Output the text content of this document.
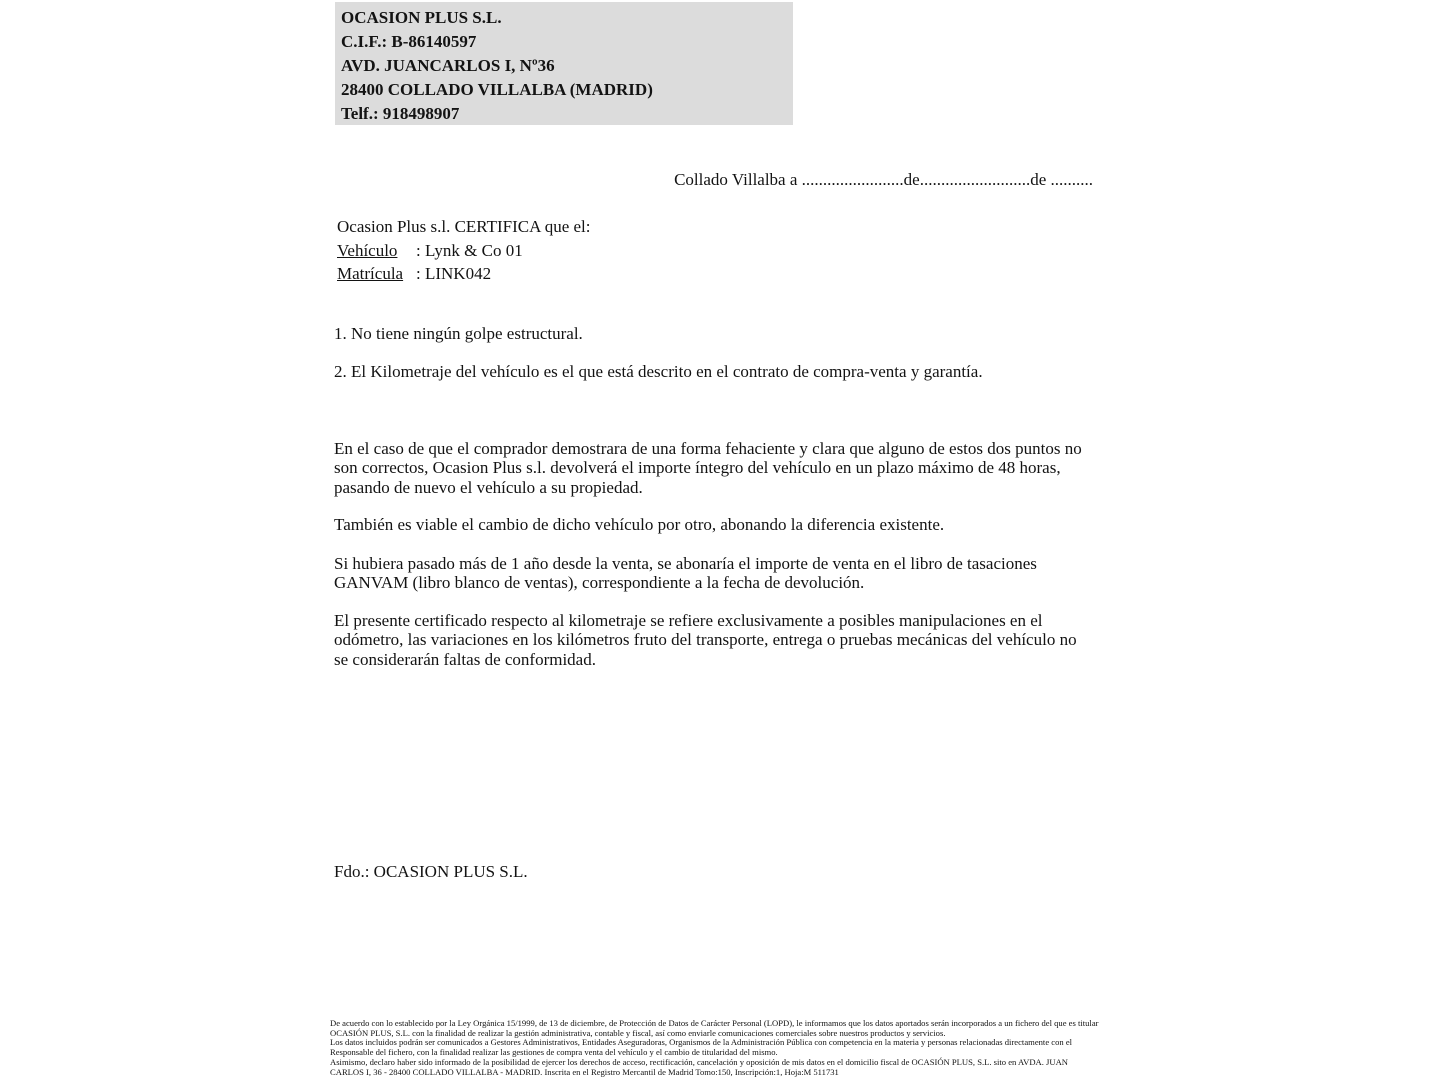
OCASION PLUS S.L.
C.I.F.: B-86140597
AVD. JUANCARLOS I, Nº36
28400 COLLADO VILLALBA (MADRID)
Telf.: 918498907
Collado Villalba a ........................de..........................de ..........
Ocasion Plus s.l. CERTIFICA que el:
Vehículo : Lynk & Co 01
Matrícula : LINK042
1. No tiene ningún golpe estructural.
2. El Kilometraje del vehículo es el que está descrito en el contrato de compra-venta y garantía.
En el caso de que el comprador demostrara de una forma fehaciente y clara que alguno de estos dos puntos no
son correctos, Ocasion Plus s.l. devolverá el importe íntegro del vehículo en un plazo máximo de 48 horas,
pasando de nuevo el vehículo a su propiedad.
También es viable el cambio de dicho vehículo por otro, abonando la diferencia existente.
Si hubiera pasado más de 1 año desde la venta, se abonaría el importe de venta en el libro de tasaciones
GANVAM (libro blanco de ventas), correspondiente a la fecha de devolución.
El presente certificado respecto al kilometraje se refiere exclusivamente a posibles manipulaciones en el
odómetro, las variaciones en los kilómetros fruto del transporte, entrega o pruebas mecánicas del vehículo no
se considerarán faltas de conformidad.
Fdo.: OCASION PLUS S.L.
De acuerdo con lo establecido por la Ley Orgánica 15/1999, de 13 de diciembre, de Protección de Datos de Carácter Personal (LOPD), le informamos que los datos aportados serán incorporados a un fichero del que es titular
OCASIÓN PLUS, S.L. con la finalidad de realizar la gestión administrativa, contable y fiscal, así como enviarle comunicaciones comerciales sobre nuestros productos y servicios.
Los datos incluidos podrán ser comunicados a Gestores Administrativos, Entidades Aseguradoras, Organismos de la Administración Pública con competencia en la materia y personas relacionadas directamente con el
Responsable del fichero, con la finalidad realizar las gestiones de compra venta del vehículo y el cambio de titularidad del mismo.
Asimismo, declaro haber sido informado de la posibilidad de ejercer los derechos de acceso, rectificación, cancelación y oposición de mis datos en el domicilio fiscal de OCASIÓN PLUS, S.L. sito en AVDA. JUAN
CARLOS I, 36 - 28400 COLLADO VILLALBA - MADRID. Inscrita en el Registro Mercantil de Madrid Tomo:150, Inscripción:1, Hoja:M 511731
